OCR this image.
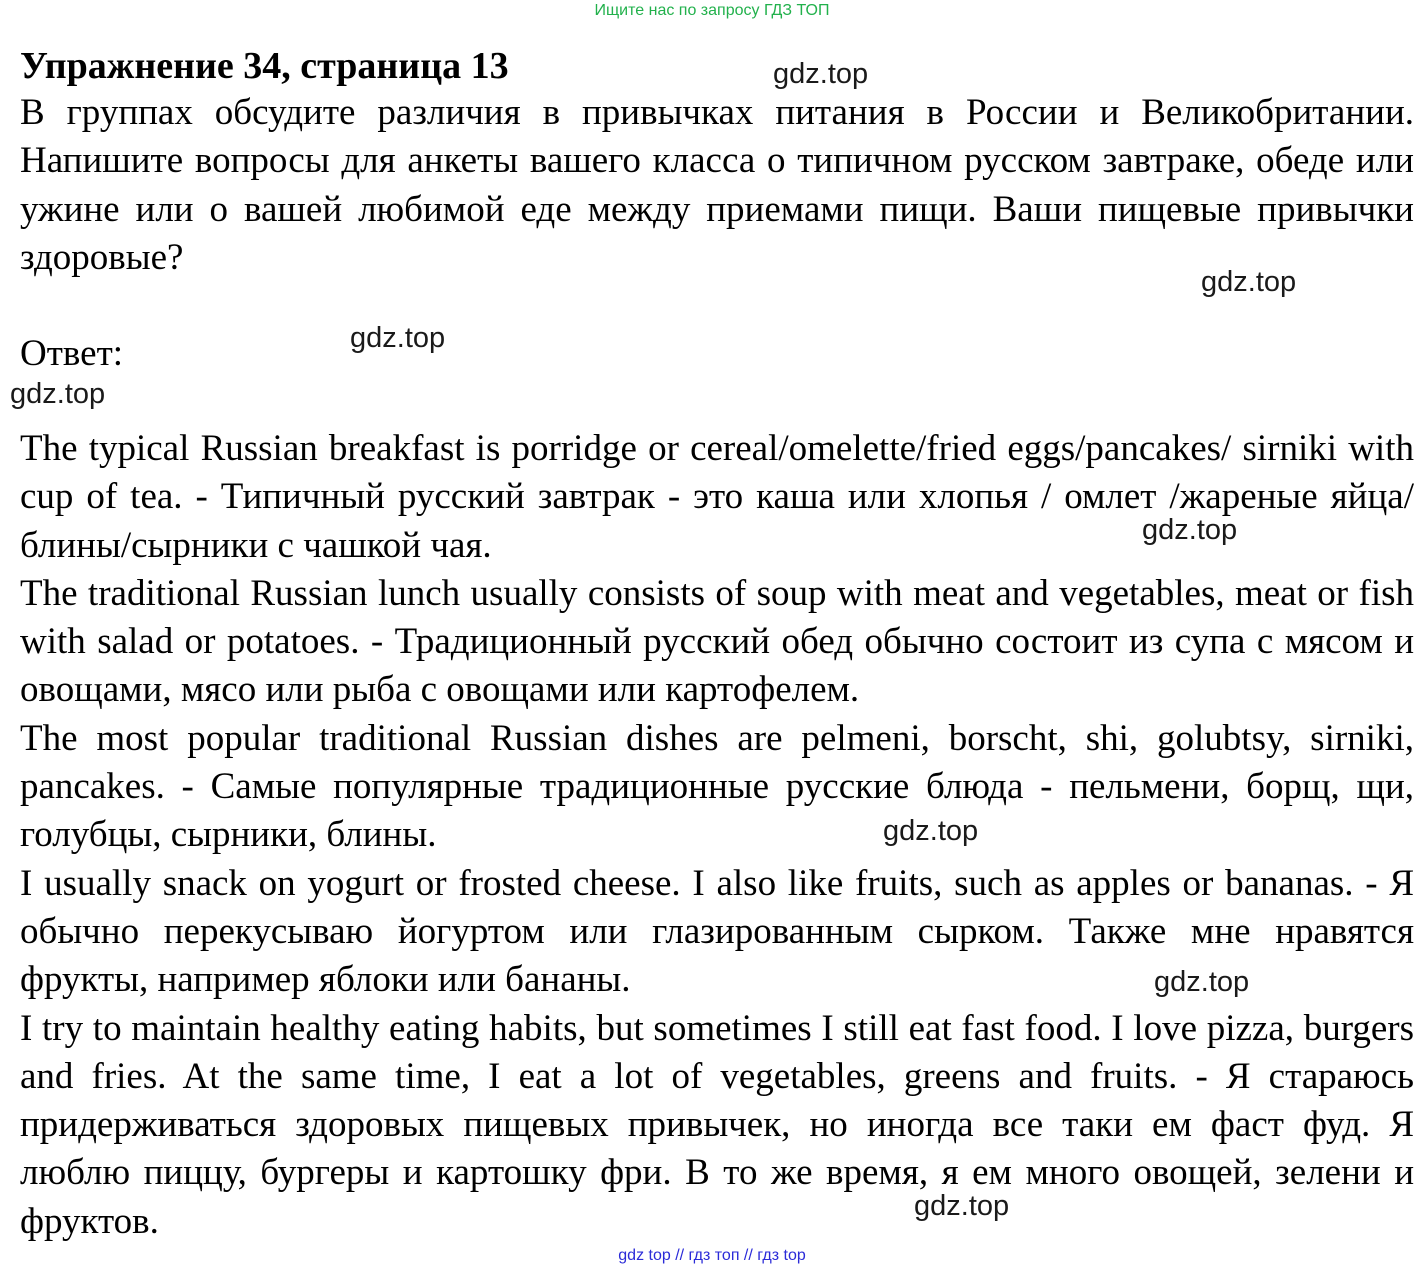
Ищите нас по запросу ГДЗ ТОП
Упражнение 34, страница 13
В группах обсудите различия в привычках питания в России и Великобритании. Напишите вопросы для анкеты вашего класса о типичном русском завтраке, обеде или ужине или о вашей любимой еде между приемами пищи. Ваши пищевые привычки здоровые?
Ответ:

The typical Russian breakfast is porridge or cereal/omelette/fried eggs/pancakes/ sirniki with cup of tea. - Типичный русский завтрак - это каша или хлопья / омлет /жареные яйца/блины/сырники с чашкой чая.

The traditional Russian lunch usually consists of soup with meat and vegetables, meat or fish with salad or potatoes. - Традиционный русский обед обычно состоит из супа с мясом и овощами, мясо или рыба с овощами или картофелем.

The most popular traditional Russian dishes are pelmeni, borscht, shi, golubtsy, sirniki, pancakes. - Самые популярные традиционные русские блюда - пельмени, борщ, щи, голубцы, сырники, блины.

I usually snack on yogurt or frosted cheese. I also like fruits, such as apples or bananas. - Я обычно перекусываю йогуртом или глазированным сырком. Также мне нравятся фрукты, например яблоки или бананы.

I try to maintain healthy eating habits, but sometimes I still eat fast food. I love pizza, burgers and fries. At the same time, I eat a lot of vegetables, greens and fruits. - Я стараюсь придерживаться здоровых пищевых привычек, но иногда все таки ем фаст фуд. Я люблю пиццу, бургеры и картошку фри. В то же время, я ем много овощей, зелени и фруктов.

gdz.top
gdz.top
gdz.top
gdz.top
gdz.top
gdz.top
gdz.top
gdz.top
gdz top // гдз топ // гдз top
